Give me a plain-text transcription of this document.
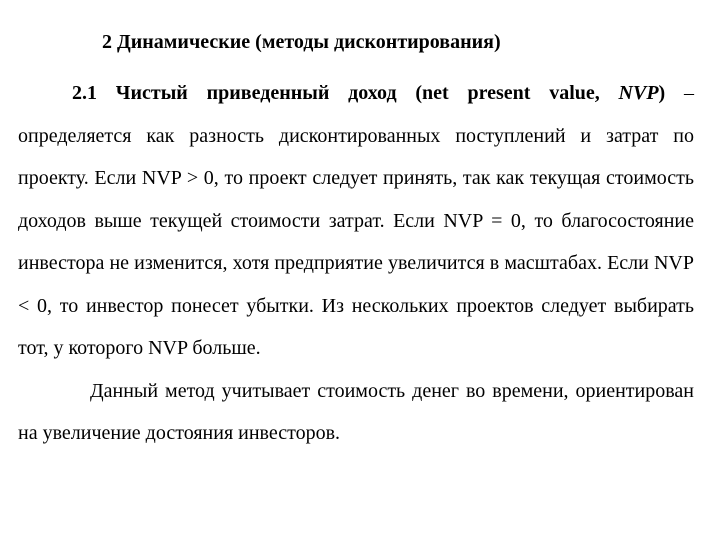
2 Динамические (методы дисконтирования)

2.1 Чистый приведенный доход (net present value, NVP) – определяется как разность дисконтированных поступлений и затрат по проекту. Если NVP > 0, то проект следует принять, так как текущая стоимость доходов выше текущей стоимости затрат. Если NVP = 0, то благосостояние инвестора не изменится, хотя предприятие увеличится в масштабах. Если NVP < 0, то инвестор понесет убытки. Из нескольких проектов следует выбирать тот, у которого NVP больше.

Данный метод учитывает стоимость денег во времени, ориентирован на увеличение достояния инвесторов.
